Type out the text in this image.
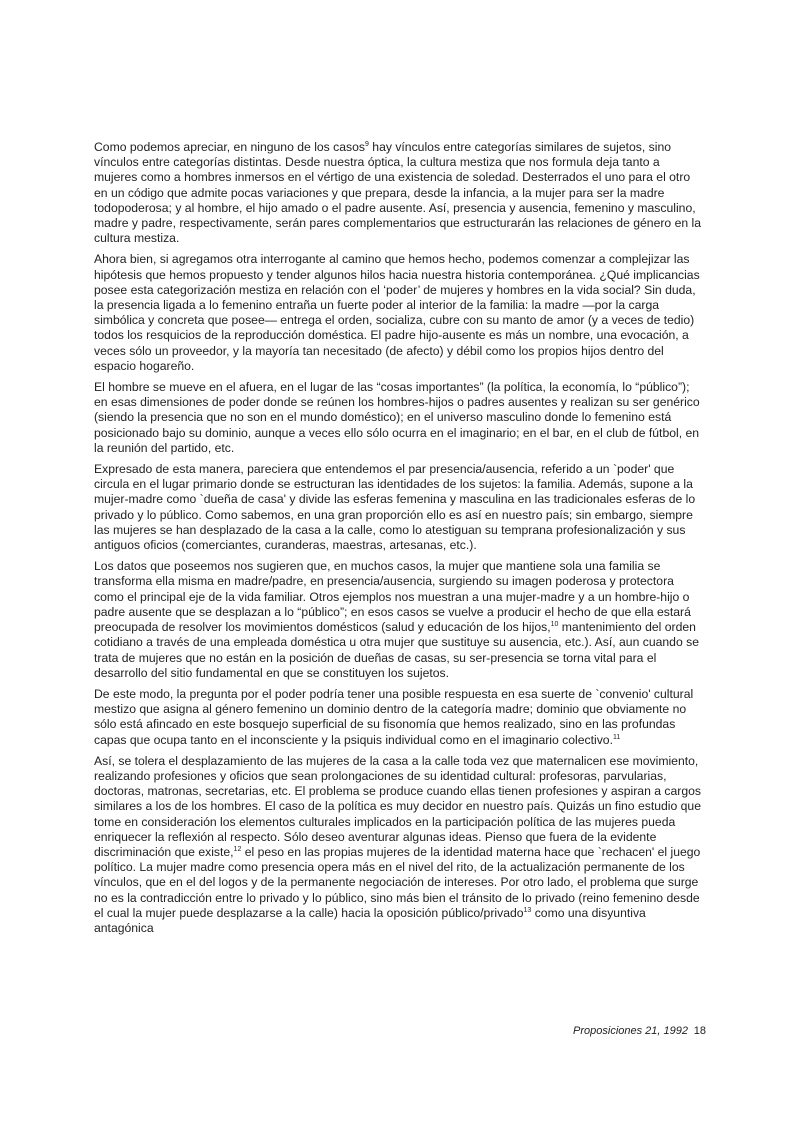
Como podemos apreciar, en ninguno de los casos$^9$ hay vínculos entre categorías similares de sujetos, sino vínculos entre categorías distintas. Desde nuestra óptica, la cultura mestiza que nos formula deja tanto a mujeres como a hombres inmersos en el vértigo de una existencia de soledad. Desterrados el uno para el otro en un código que admite pocas variaciones y que prepara, desde la infancia, a la mujer para ser la madre todopoderosa; y al hombre, el hijo amado o el padre ausente. Así, presencia y ausencia, femenino y masculino, madre y padre, respectivamente, serán pares complementarios que estructurarán las relaciones de género en la cultura mestiza.

Ahora bien, si agregamos otra interrogante al camino que hemos hecho, podemos comenzar a complejizar las hipótesis que hemos propuesto y tender algunos hilos hacia nuestra historia contemporánea. ¿Qué implicancias posee esta categorización mestiza en relación con el ‘poder’ de mujeres y hombres en la vida social? Sin duda, la presencia ligada a lo femenino entraña un fuerte poder al interior de la familia: la madre —por la carga simbólica y concreta que posee— entrega el orden, socializa, cubre con su manto de amor (y a veces de tedio) todos los resquicios de la reproducción doméstica. El padre hijo-ausente es más un nombre, una evocación, a veces sólo un proveedor, y la mayoría tan necesitado (de afecto) y débil como los propios hijos dentro del espacio hogareño.

El hombre se mueve en el afuera, en el lugar de las “cosas importantes” (la política, la economía, lo “público”); en esas dimensiones de poder donde se reúnen los hombres-hijos o padres ausentes y realizan su ser genérico (siendo la presencia que no son en el mundo doméstico); en el universo masculino donde lo femenino está posicionado bajo su dominio, aunque a veces ello sólo ocurra en el imaginario; en el bar, en el club de fútbol, en la reunión del partido, etc.

Expresado de esta manera, pareciera que entendemos el par presencia/ausencia, referido a un `poder' que circula en el lugar primario donde se estructuran las identidades de los sujetos: la familia. Además, supone a la mujer-madre como `dueña de casa' y divide las esferas femenina y masculina en las tradicionales esferas de lo privado y lo público. Como sabemos, en una gran proporción ello es así en nuestro país; sin embargo, siempre las mujeres se han desplazado de la casa a la calle, como lo atestiguan su temprana profesionalización y sus antiguos oficios (comerciantes, curanderas, maestras, artesanas, etc.).

Los datos que poseemos nos sugieren que, en muchos casos, la mujer que mantiene sola una familia se transforma ella misma en madre/padre, en presencia/ausencia, surgiendo su imagen poderosa y protectora como el principal eje de la vida familiar. Otros ejemplos nos muestran a una mujer-madre y a un hombre-hijo o padre ausente que se desplazan a lo “público”; en esos casos se vuelve a producir el hecho de que ella estará preocupada de resolver los movimientos domésticos (salud y educación de los hijos,$^{10}$ mantenimiento del orden cotidiano a través de una empleada doméstica u otra mujer que sustituye su ausencia, etc.). Así, aun cuando se trata de mujeres que no están en la posición de dueñas de casas, su ser-presencia se torna vital para el desarrollo del sitio fundamental en que se constituyen los sujetos.

De este modo, la pregunta por el poder podría tener una posible respuesta en esa suerte de `convenio' cultural mestizo que asigna al género femenino un dominio dentro de la categoría madre; dominio que obviamente no sólo está afincado en este bosquejo superficial de su fisonomía que hemos realizado, sino en las profundas capas que ocupa tanto en el inconsciente y la psiquis individual como en el imaginario colectivo.$^{11}$

Así, se tolera el desplazamiento de las mujeres de la casa a la calle toda vez que maternalicen ese movimiento, realizando profesiones y oficios que sean prolongaciones de su identidad cultural: profesoras, parvularias, doctoras, matronas, secretarias, etc. El problema se produce cuando ellas tienen profesiones y aspiran a cargos similares a los de los hombres. El caso de la política es muy decidor en nuestro país. Quizás un fino estudio que tome en consideración los elementos culturales implicados en la participación política de las mujeres pueda enriquecer la reflexión al respecto. Sólo deseo aventurar algunas ideas. Pienso que fuera de la evidente discriminación que existe,$^{12}$ el peso en las propias mujeres de la identidad materna hace que `rechacen' el juego político. La mujer madre como presencia opera más en el nivel del rito, de la actualización permanente de los vínculos, que en el del logos y de la permanente negociación de intereses. Por otro lado, el problema que surge no es la contradicción entre lo privado y lo público, sino más bien el tránsito de lo privado (reino femenino desde el cual la mujer puede desplazarse a la calle) hacia la oposición público/privado$^{13}$ como una disyuntiva antagónica

Proposiciones 21, 1992 18
